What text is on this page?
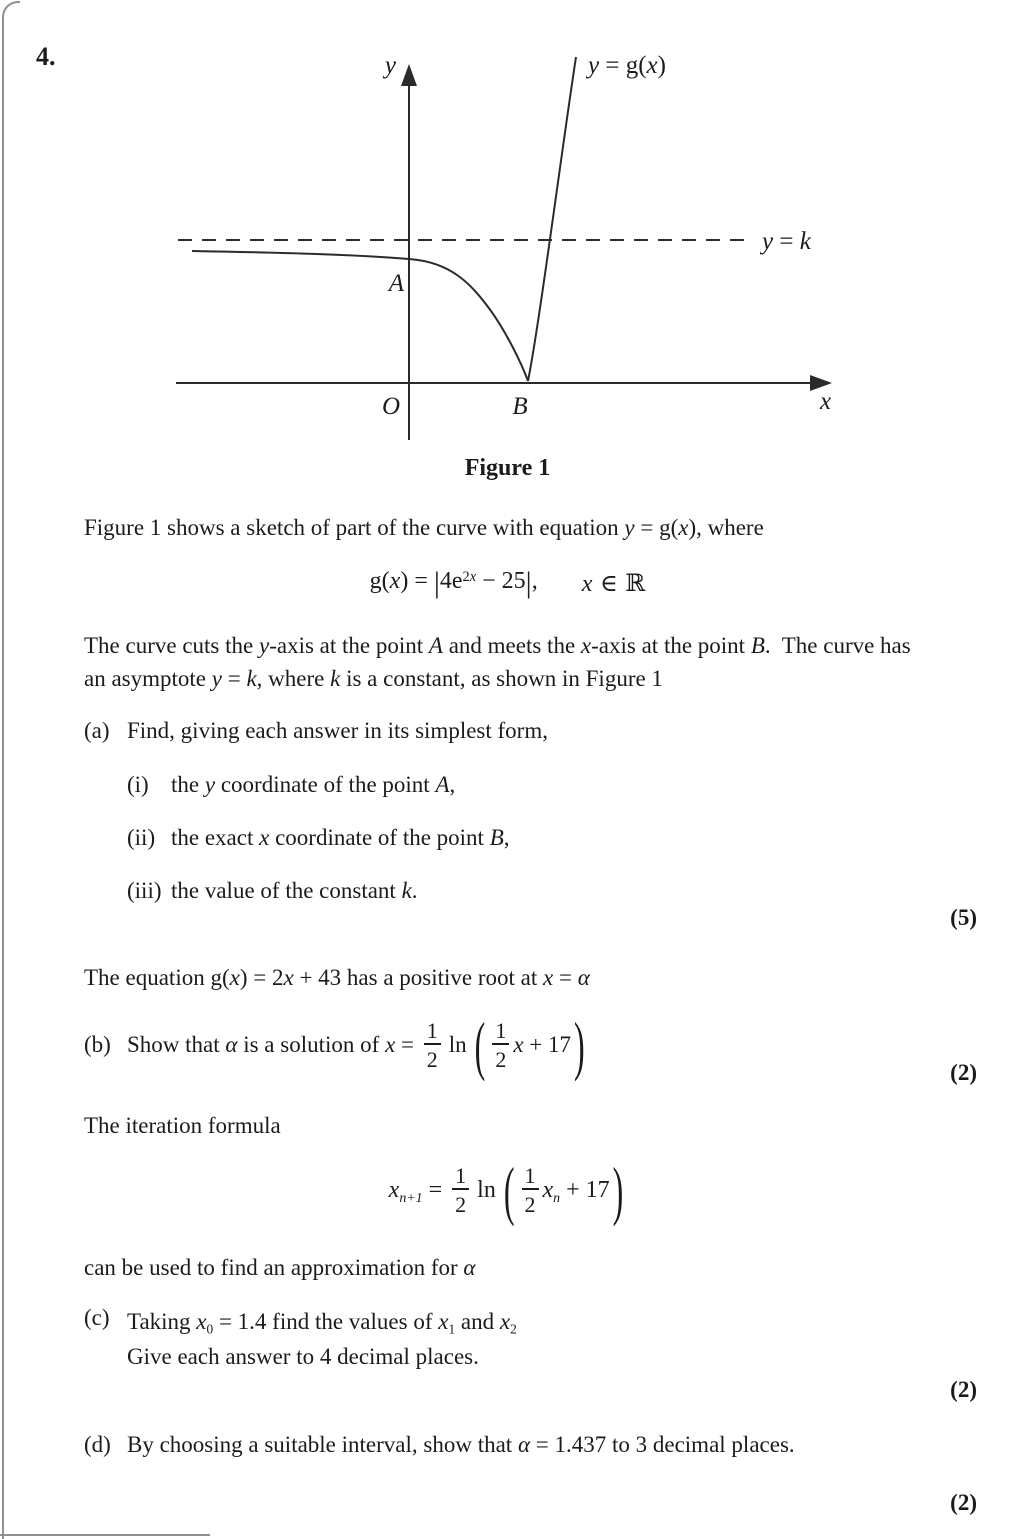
4.	y	y = g(x)
y = k
A
O	B	x
Figure 1
Figure 1 shows a sketch of part of the curve with equation y = g(x), where
$g(x) = |4e^{2x} - 25|$, x ∈ ℝ
The curve cuts the y-axis at the point A and meets the x-axis at the point B.  The curve has
an asymptote y = k, where k is a constant, as shown in Figure 1
(a) Find, giving each answer in its simplest form,
(i) the y coordinate of the point A,
(ii) the exact x coordinate of the point B,
(iii) the value of the constant k.
(5)
The equation g(x) = 2x + 43 has a positive root at x = α
(b) Show that α is a solution of $x = \frac{1}{2}$ ln ( $\frac{1}{2}$ x + 17 )	(2)
The iteration formula
$x_{n+1} = \frac{1}{2}$ ln ( $\frac{1}{2} x_n + 17$ )
can be used to find an approximation for α
(c) Taking $x_0 = 1.4$ find the values of $x_1$ and $x_2$
Give each answer to 4 decimal places.
(2)
(d) By choosing a suitable interval, show that α = 1.437 to 3 decimal places.
(2)
